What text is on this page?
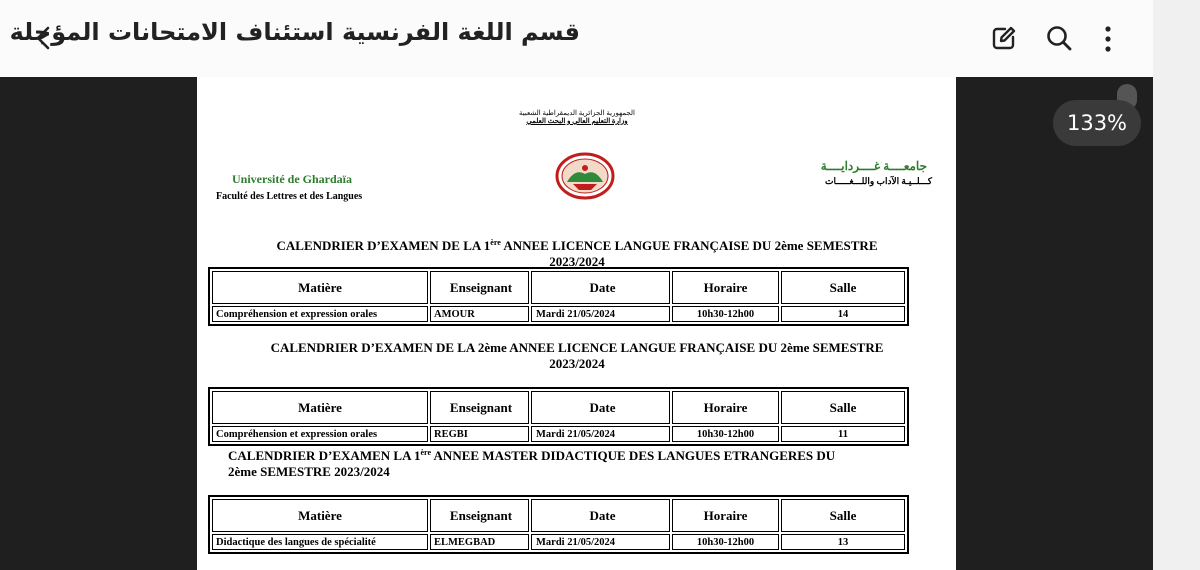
قسم اللغة الفرنسية استئناف الامتحانات المؤجلة
الجمهورية الجزائرية الديمقراطية الشعبية
وزارة التعليم العالي و البحث العلمي
Université de Ghardaïa
Faculté des Lettres et des Langues
جامعــــة غــــردايــــة
كـــلــيـة الآداب واللـــغـــــات
CALENDRIER D’EXAMEN DE LA 1ère ANNEE LICENCE LANGUE FRANÇAISE DU 2ème SEMESTRE
2023/2024
Matière	Enseignant	Date	Horaire	Salle
Compréhension et expression orales	AMOUR	Mardi 21/05/2024	10h30-12h00	14
CALENDRIER D’EXAMEN DE LA 2ème ANNEE LICENCE LANGUE FRANÇAISE DU 2ème SEMESTRE
2023/2024
Matière	Enseignant	Date	Horaire	Salle
Compréhension et expression orales	REGBI	Mardi 21/05/2024	10h30-12h00	11
CALENDRIER D’EXAMEN LA 1ère ANNEE MASTER DIDACTIQUE DES LANGUES ETRANGERES DU
2ème SEMESTRE 2023/2024
Matière	Enseignant	Date	Horaire	Salle
Didactique des langues de spécialité	ELMEGBAD	Mardi 21/05/2024	10h30-12h00	13
133%
